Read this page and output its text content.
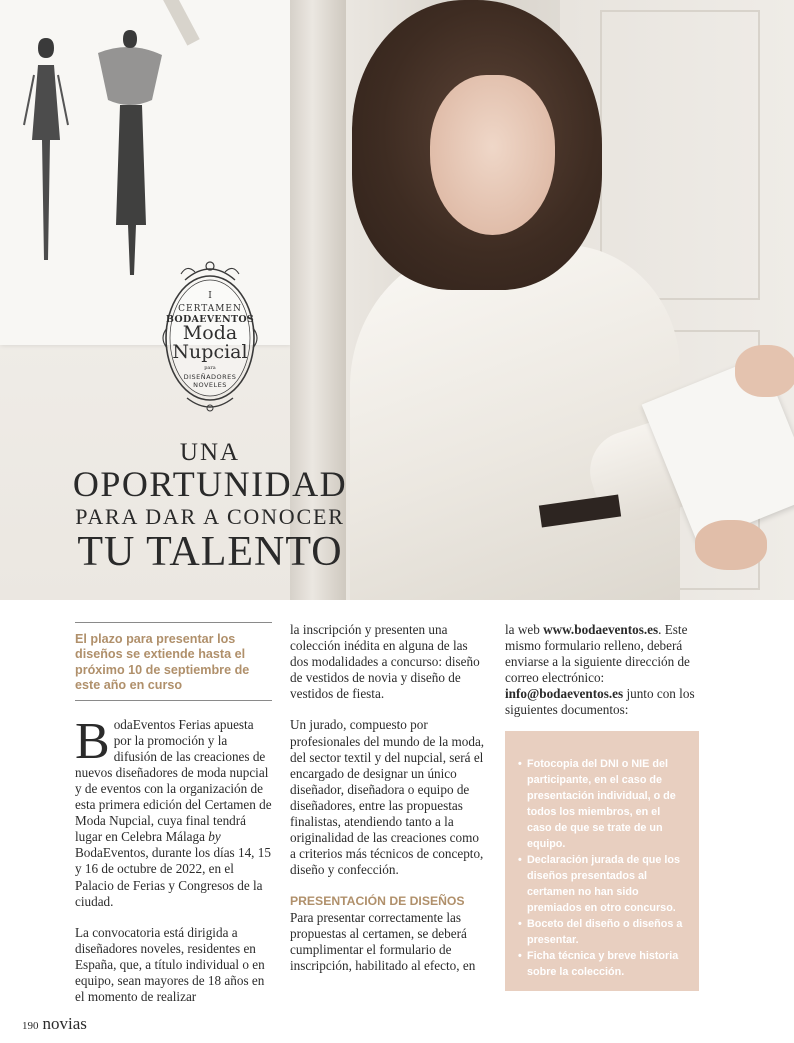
I
CERTAMEN
BODAEVENTOS
Moda
Nupcial
para
DISEÑADORES
NOVELES
UNA
OPORTUNIDAD
PARA DAR A CONOCER
TU TALENTO
El plazo para presentar los diseños se extiende hasta el próximo 10 de septiembre de este año en curso

BodaEventos Ferias apuesta por la promoción y la difusión de las creaciones de nuevos diseñadores de moda nupcial y de eventos con la organización de esta primera edición del Certamen de Moda Nupcial, cuya final tendrá lugar en Celebra Málaga by BodaEventos, durante los días 14, 15 y 16 de octubre de 2022, en el Palacio de Ferias y Congresos de la ciudad.

La convocatoria está dirigida a diseñadores noveles, residentes en España, que, a título individual o en equipo, sean mayores de 18 años en el momento de realizar

la inscripción y presenten una colección inédita en alguna de las dos modalidades a concurso: diseño de vestidos de novia y diseño de vestidos de fiesta.

Un jurado, compuesto por profesionales del mundo de la moda, del sector textil y del nupcial, será el encargado de designar un único diseñador, diseñadora o equipo de diseñadores, entre las propuestas finalistas, atendiendo tanto a la originalidad de las creaciones como a criterios más técnicos de concepto, diseño y confección.

PRESENTACIÓN DE DISEÑOS

Para presentar correctamente las propuestas al certamen, se deberá cumplimentar el formulario de inscripción, habilitado al efecto, en

la web www.bodaeventos.es. Este mismo formulario relleno, deberá enviarse a la siguiente dirección de correo electrónico: info@bodaeventos.es junto con los siguientes documentos:

• Fotocopia del DNI o NIE del participante, en el caso de presentación individual, o de todos los miembros, en el caso de que se trate de un equipo.
• Declaración jurada de que los diseños presentados al certamen no han sido premiados en otro concurso.
• Boceto del diseño o diseños a presentar.
• Ficha técnica y breve historia sobre la colección.
190 novias
